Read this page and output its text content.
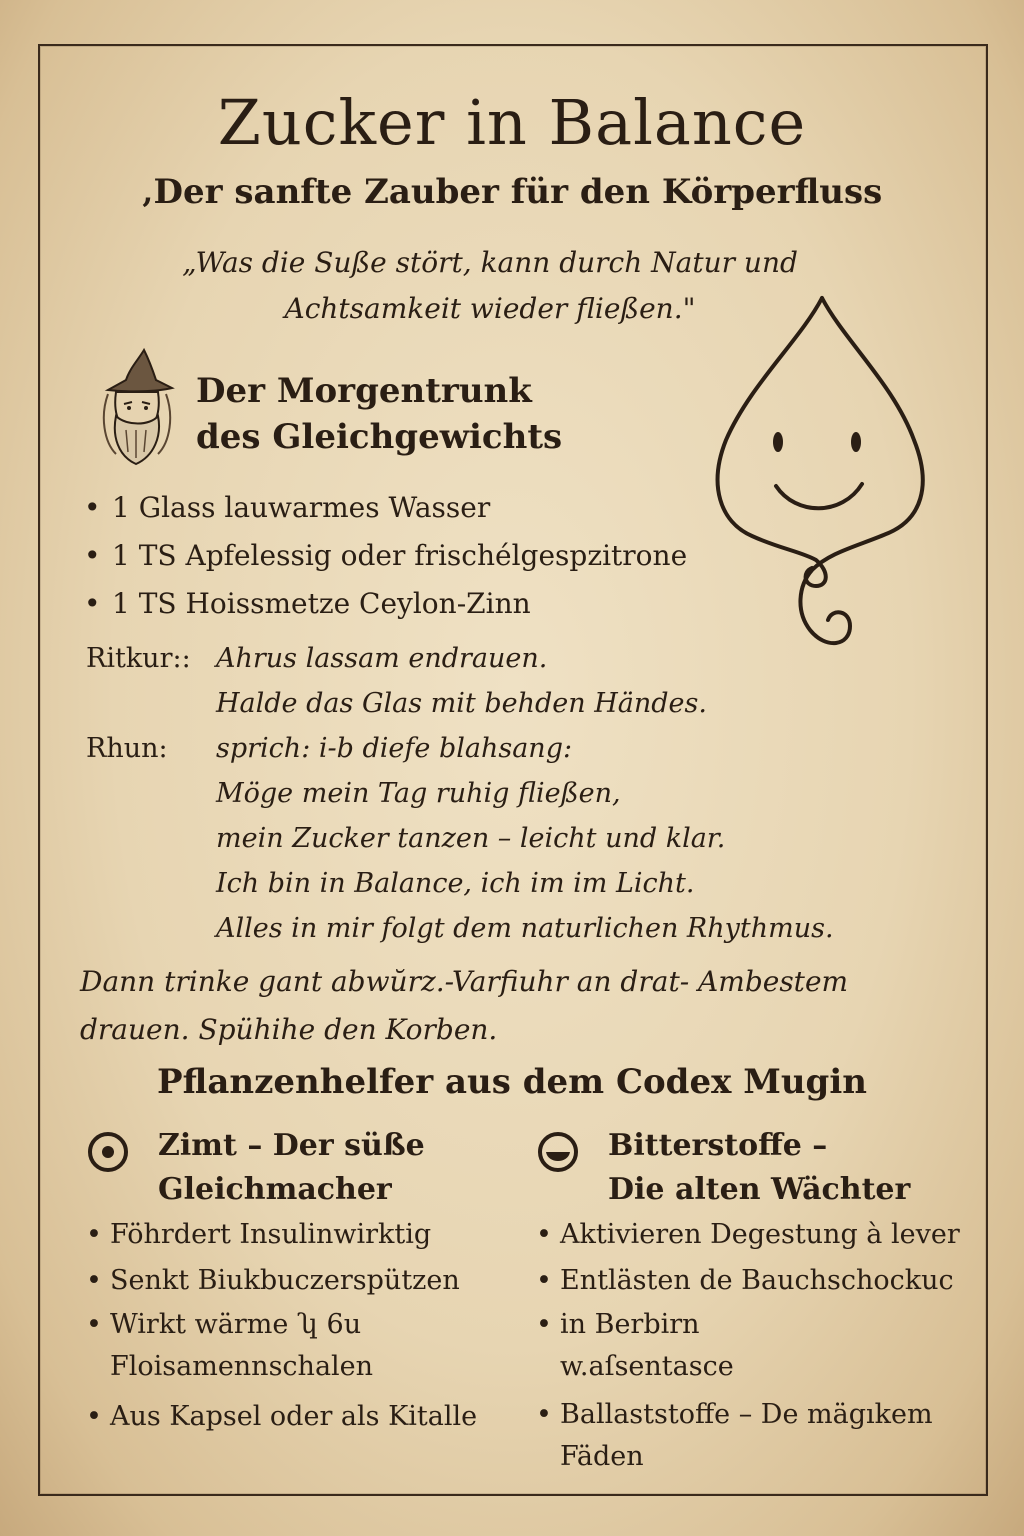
Zucker in Balance
‚Der sanfte Zauber für den Körperfluss

„Was die Suße stört, kann durch Natur und
Achtsamkeit wieder fließen."

Der Morgentrunk
des Gleichgewichts
• 1 Glass lauwarmes Wasser
• 1 TS Apfelessig oder frischélgespzitrone
• 1 TS Hoissmetze Ceylon-Zinn
Ritkur:: Ahrus lassam endrauen.
Halde das Glas mit behden Händes.
Rhun:	sprich: i-b diefe blahsang:
Möge mein Tag ruhig fließen,
mein Zucker tanzen – leicht und klar.
Ich bin in Balance, ich im im Licht.
Alles in mir folgt dem naturlichen Rhythmus.

Dann trinke gant abwŭrz.-Varfiuhr an drat- Ambestem
drauen. Spühihe den Korben.

Pflanzenhelfer aus dem Codex Mugin
Zimt – Der süße
Gleichmacher
• Föhrdert Insulinwirktig
• Senkt Biukbuczerspützen
• Wirkt wärme ʮ 6u
Floisamennschalen
• Aus Kapsel oder als Kitalle
Bitterstoffe –
Die alten Wächter
• Aktivieren Degestung à lever
• Entlästen de Bauchschockuc
• in Berbirn
w.aſsentasce
• Ballaststoffe – De mägıkem
Fäden
